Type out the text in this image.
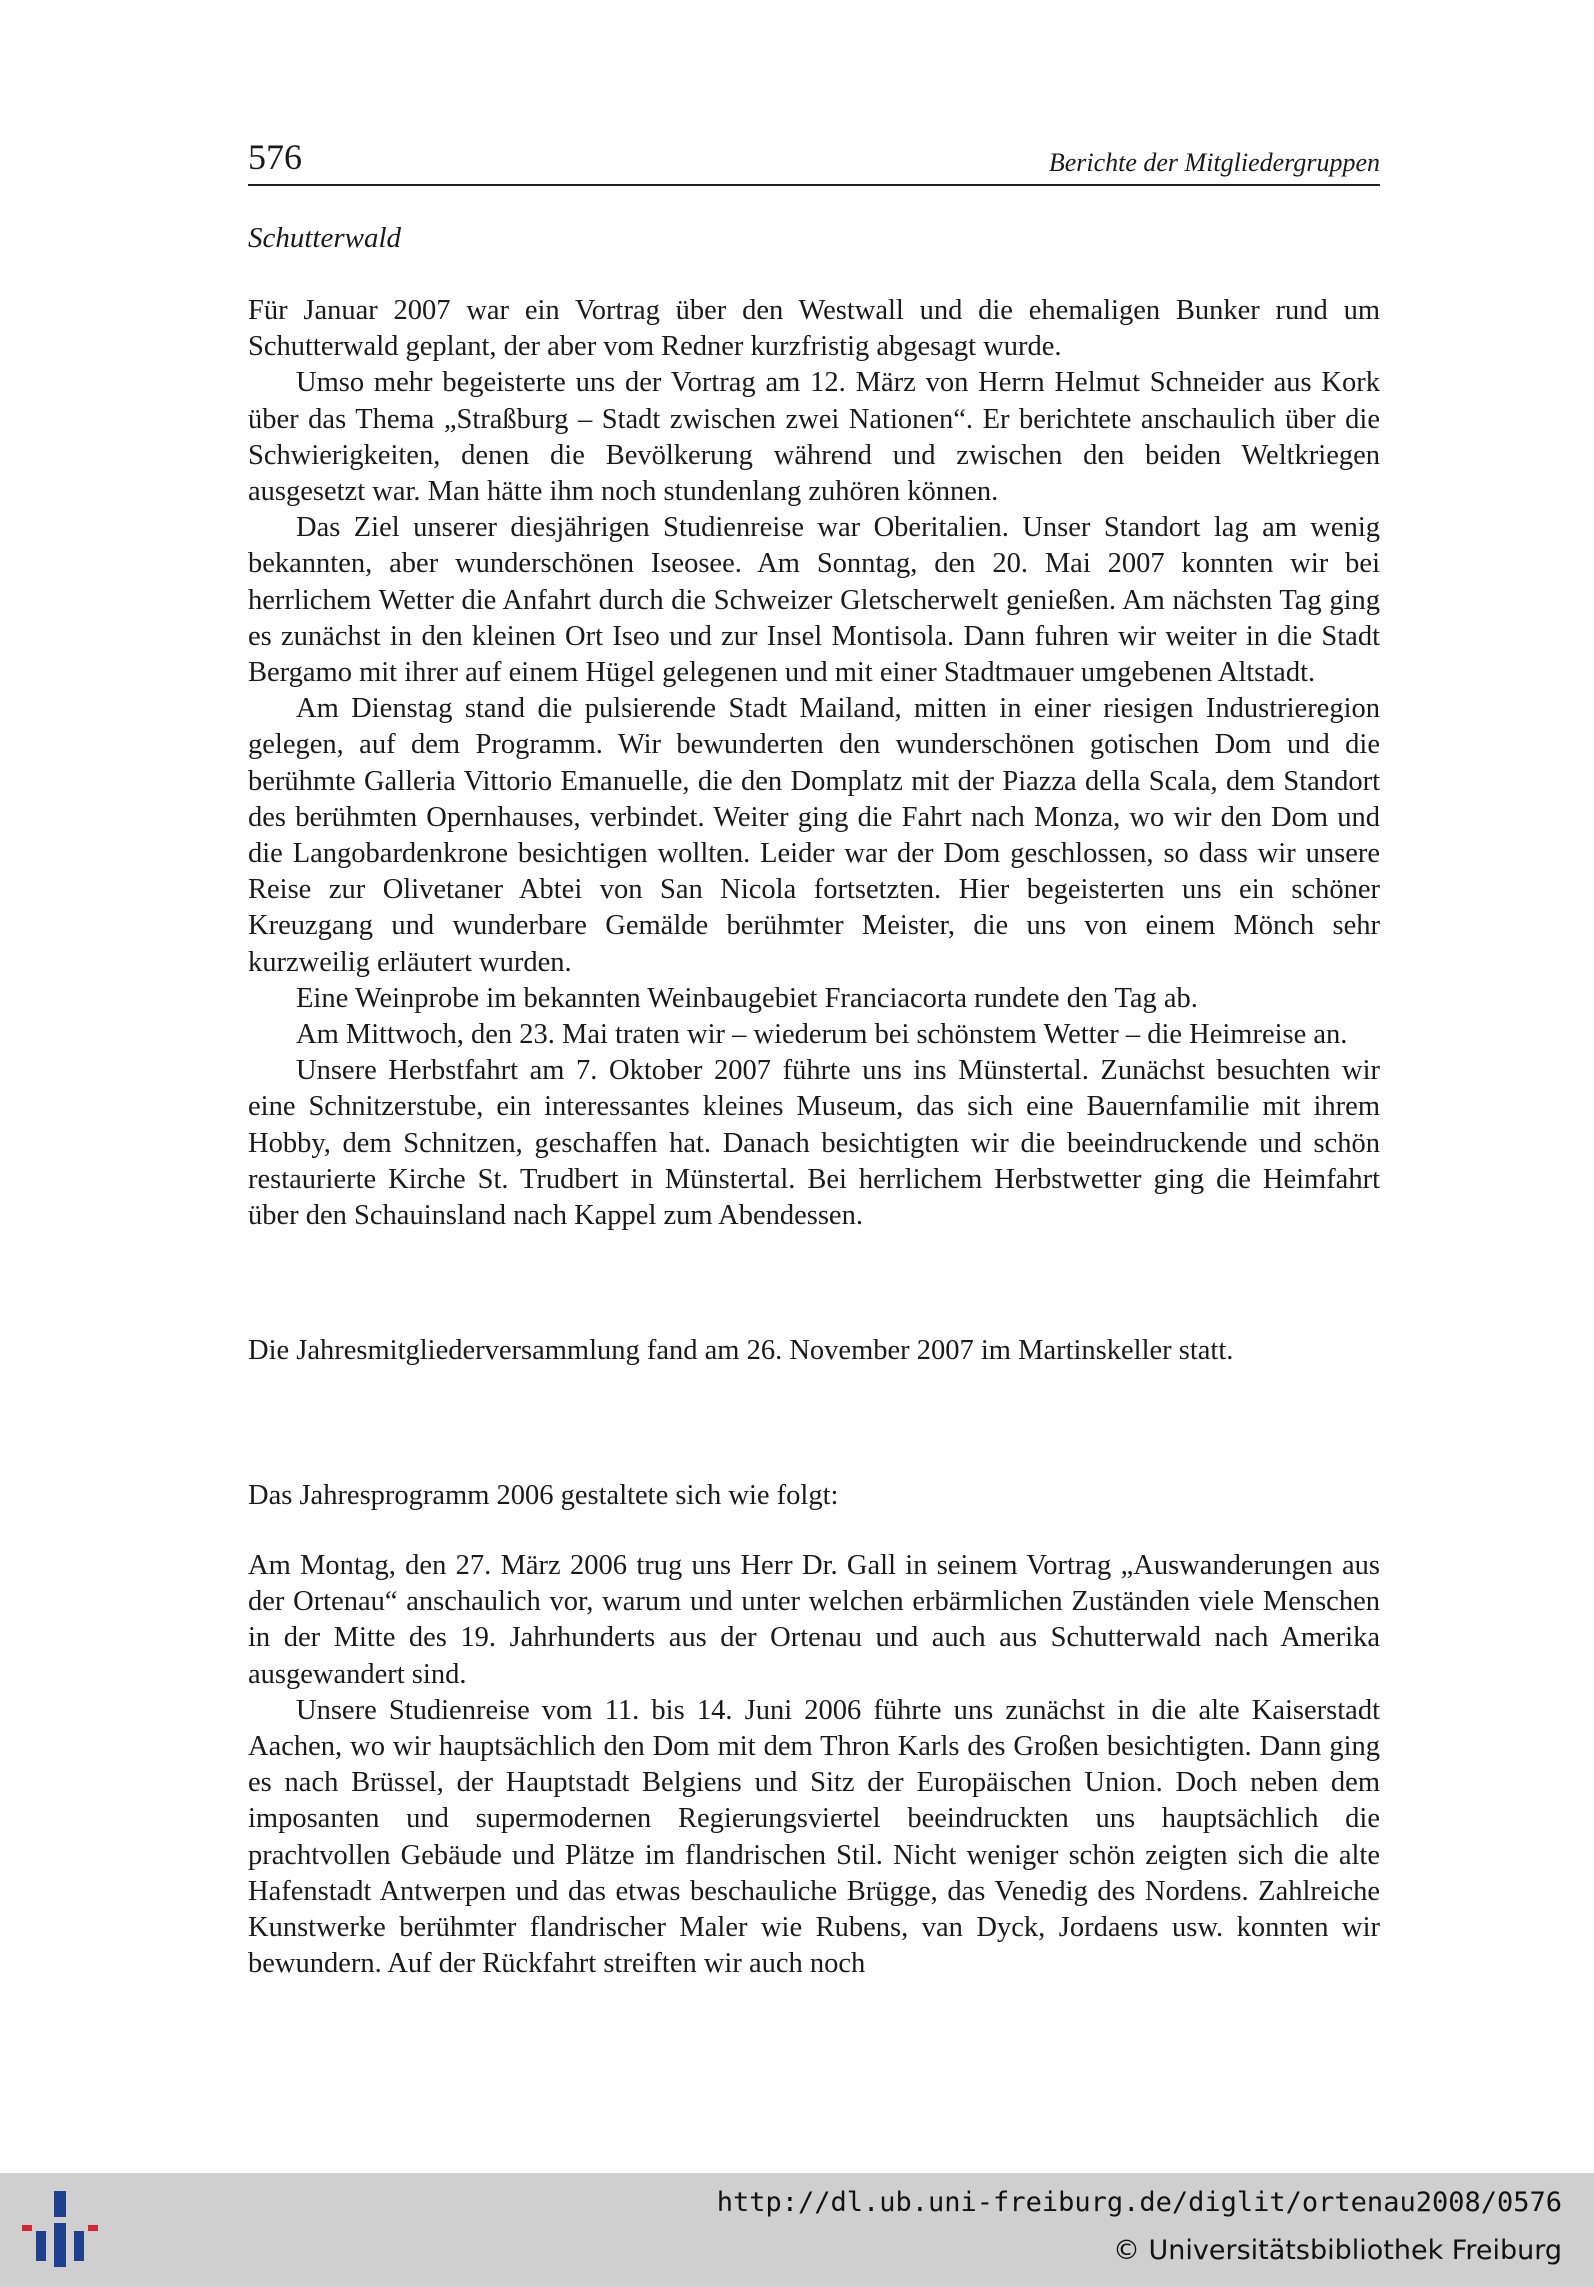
576	Berichte der Mitgliedergruppen
Schutterwald

Für Januar 2007 war ein Vortrag über den Westwall und die ehemaligen Bunker rund um Schutterwald geplant, der aber vom Redner kurzfristig abgesagt wurde.

Umso mehr begeisterte uns der Vortrag am 12. März von Herrn Helmut Schneider aus Kork über das Thema „Straßburg – Stadt zwischen zwei Nationen“. Er berichtete anschaulich über die Schwierigkeiten, denen die Bevölkerung während und zwischen den beiden Weltkriegen ausgesetzt war. Man hätte ihm noch stundenlang zuhören können.

Das Ziel unserer diesjährigen Studienreise war Oberitalien. Unser Standort lag am wenig bekannten, aber wunderschönen Iseosee. Am Sonntag, den 20. Mai 2007 konnten wir bei herrlichem Wetter die Anfahrt durch die Schweizer Gletscherwelt genießen. Am nächsten Tag ging es zunächst in den kleinen Ort Iseo und zur Insel Montisola. Dann fuhren wir weiter in die Stadt Bergamo mit ihrer auf einem Hügel gelegenen und mit einer Stadtmauer umgebenen Altstadt.

Am Dienstag stand die pulsierende Stadt Mailand, mitten in einer riesigen Industrieregion gelegen, auf dem Programm. Wir bewunderten den wunderschönen gotischen Dom und die berühmte Galleria Vittorio Emanuelle, die den Domplatz mit der Piazza della Scala, dem Standort des berühmten Opernhauses, verbindet. Weiter ging die Fahrt nach Monza, wo wir den Dom und die Langobardenkrone besichtigen wollten. Leider war der Dom geschlossen, so dass wir unsere Reise zur Olivetaner Abtei von San Nicola fortsetzten. Hier begeisterten uns ein schöner Kreuzgang und wunderbare Gemälde berühmter Meister, die uns von einem Mönch sehr kurzweilig erläutert wurden.

Eine Weinprobe im bekannten Weinbaugebiet Franciacorta rundete den Tag ab.

Am Mittwoch, den 23. Mai traten wir – wiederum bei schönstem Wetter – die Heimreise an.

Unsere Herbstfahrt am 7. Oktober 2007 führte uns ins Münstertal. Zunächst besuchten wir eine Schnitzerstube, ein interessantes kleines Museum, das sich eine Bauernfamilie mit ihrem Hobby, dem Schnitzen, geschaffen hat. Danach besichtigten wir die beeindruckende und schön restaurierte Kirche St. Trudbert in Münstertal. Bei herrlichem Herbstwetter ging die Heimfahrt über den Schauinsland nach Kappel zum Abendessen.

Die Jahresmitgliederversammlung fand am 26. November 2007 im Martinskeller statt.

Das Jahresprogramm 2006 gestaltete sich wie folgt:

Am Montag, den 27. März 2006 trug uns Herr Dr. Gall in seinem Vortrag „Auswanderungen aus der Ortenau“ anschaulich vor, warum und unter welchen erbärmlichen Zuständen viele Menschen in der Mitte des 19. Jahrhunderts aus der Ortenau und auch aus Schutterwald nach Amerika ausgewandert sind.

Unsere Studienreise vom 11. bis 14. Juni 2006 führte uns zunächst in die alte Kaiserstadt Aachen, wo wir hauptsächlich den Dom mit dem Thron Karls des Großen besichtigten. Dann ging es nach Brüssel, der Hauptstadt Belgiens und Sitz der Europäischen Union. Doch neben dem imposanten und supermodernen Regierungsviertel beeindruckten uns hauptsächlich die prachtvollen Gebäude und Plätze im flandrischen Stil. Nicht weniger schön zeigten sich die alte Hafenstadt Antwerpen und das etwas beschauliche Brügge, das Venedig des Nordens. Zahlreiche Kunstwerke berühmter flandrischer Maler wie Rubens, van Dyck, Jordaens usw. konnten wir bewundern. Auf der Rückfahrt streiften wir auch noch

http://dl.ub.uni-freiburg.de/diglit/ortenau2008/0576
© Universitätsbibliothek Freiburg
